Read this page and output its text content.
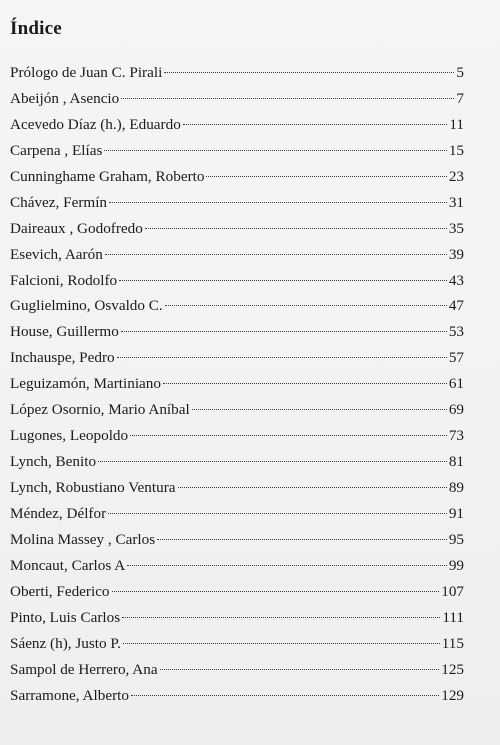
Índice
Prólogo de Juan C. Pirali	5
Abeijón , Asencio	7
Acevedo Díaz (h.), Eduardo	11
Carpena , Elías	15
Cunninghame Graham, Roberto	23
Chávez, Fermín	31
Daireaux , Godofredo	35
Esevich, Aarón	39
Falcioni, Rodolfo	43
Guglielmino, Osvaldo C.	47
House, Guillermo	53
Inchauspe, Pedro	57
Leguizamón, Martiniano	61
López Osornio, Mario Aníbal	69
Lugones, Leopoldo	73
Lynch, Benito	81
Lynch, Robustiano Ventura	89
Méndez, Délfor	91
Molina Massey , Carlos	95
Moncaut, Carlos A	99
Oberti, Federico	107
Pinto, Luis Carlos	111
Sáenz (h), Justo P.	115
Sampol de Herrero, Ana	125
Sarramone, Alberto	129
